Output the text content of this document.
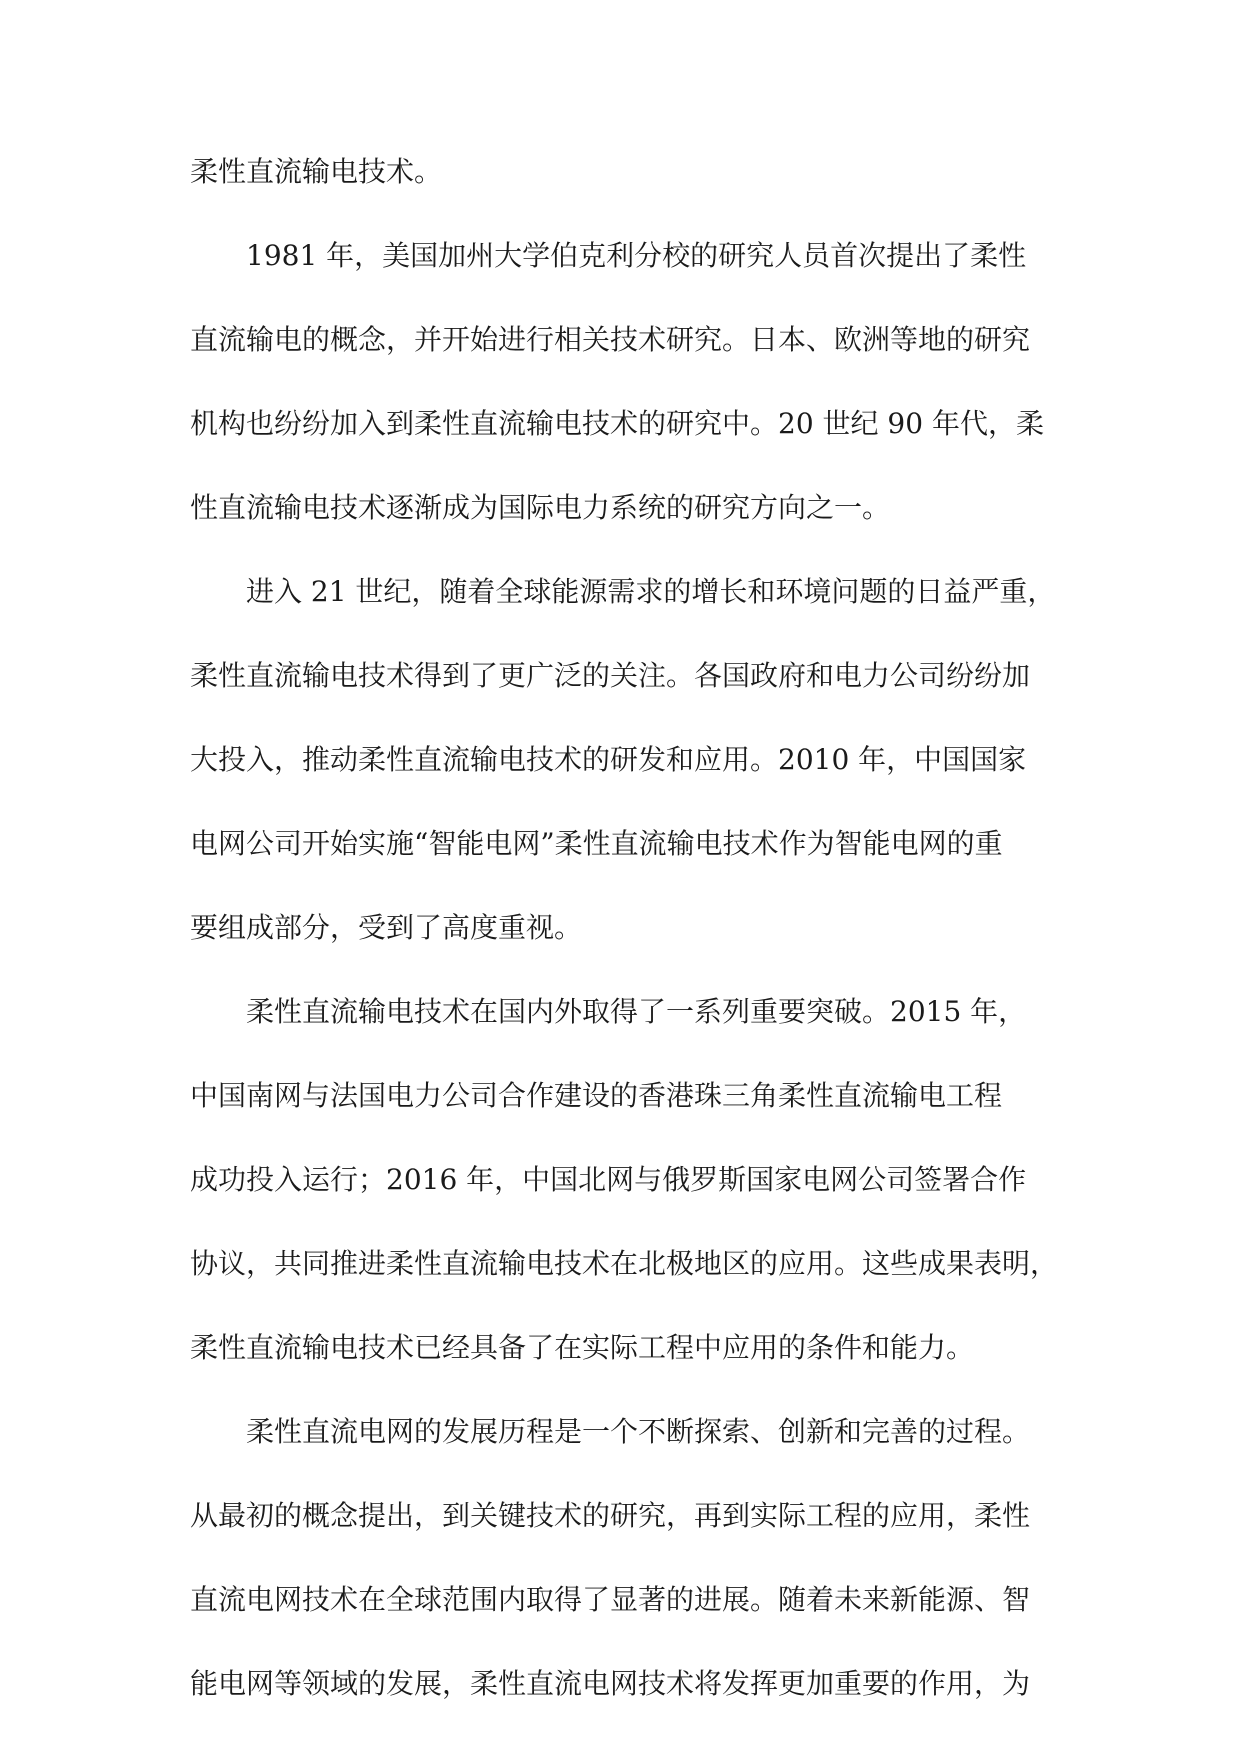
柔性直流输电技术。
1981 年，美国加州大学伯克利分校的研究人员首次提出了柔性
直流输电的概念，并开始进行相关技术研究。日本、欧洲等地的研究
机构也纷纷加入到柔性直流输电技术的研究中。20 世纪 90 年代，柔
性直流输电技术逐渐成为国际电力系统的研究方向之一。
进入 21 世纪，随着全球能源需求的增长和环境问题的日益严重，
柔性直流输电技术得到了更广泛的关注。各国政府和电力公司纷纷加
大投入，推动柔性直流输电技术的研发和应用。2010 年，中国国家
电网公司开始实施“智能电网”柔性直流输电技术作为智能电网的重
要组成部分，受到了高度重视。
柔性直流输电技术在国内外取得了一系列重要突破。2015 年，
中国南网与法国电力公司合作建设的香港珠三角柔性直流输电工程
成功投入运行；2016 年，中国北网与俄罗斯国家电网公司签署合作
协议，共同推进柔性直流输电技术在北极地区的应用。这些成果表明，
柔性直流输电技术已经具备了在实际工程中应用的条件和能力。
柔性直流电网的发展历程是一个不断探索、创新和完善的过程。
从最初的概念提出，到关键技术的研究，再到实际工程的应用，柔性
直流电网技术在全球范围内取得了显著的进展。随着未来新能源、智
能电网等领域的发展，柔性直流电网技术将发挥更加重要的作用，为
